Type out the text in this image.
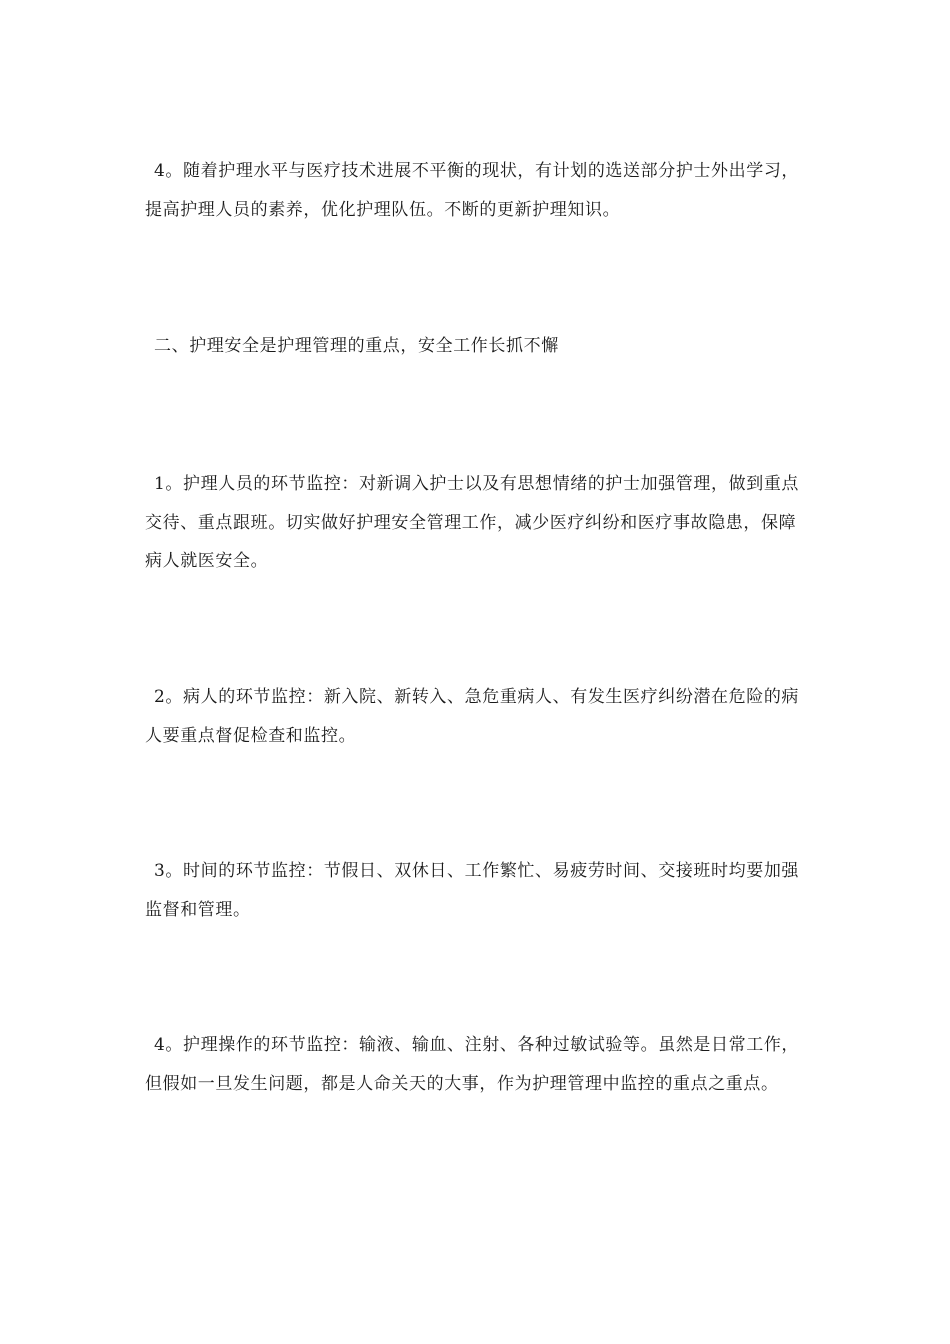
4。随着护理水平与医疗技术进展不平衡的现状，有计划的选送部分护士外出学习，提高护理人员的素养，优化护理队伍。不断的更新护理知识。

二、护理安全是护理管理的重点，安全工作长抓不懈

1。护理人员的环节监控：对新调入护士以及有思想情绪的护士加强管理，做到重点交待、重点跟班。切实做好护理安全管理工作，减少医疗纠纷和医疗事故隐患，保障病人就医安全。

2。病人的环节监控：新入院、新转入、急危重病人、有发生医疗纠纷潜在危险的病人要重点督促检查和监控。

3。时间的环节监控：节假日、双休日、工作繁忙、易疲劳时间、交接班时均要加强监督和管理。

4。护理操作的环节监控：输液、输血、注射、各种过敏试验等。虽然是日常工作，但假如一旦发生问题，都是人命关天的大事，作为护理管理中监控的重点之重点。
